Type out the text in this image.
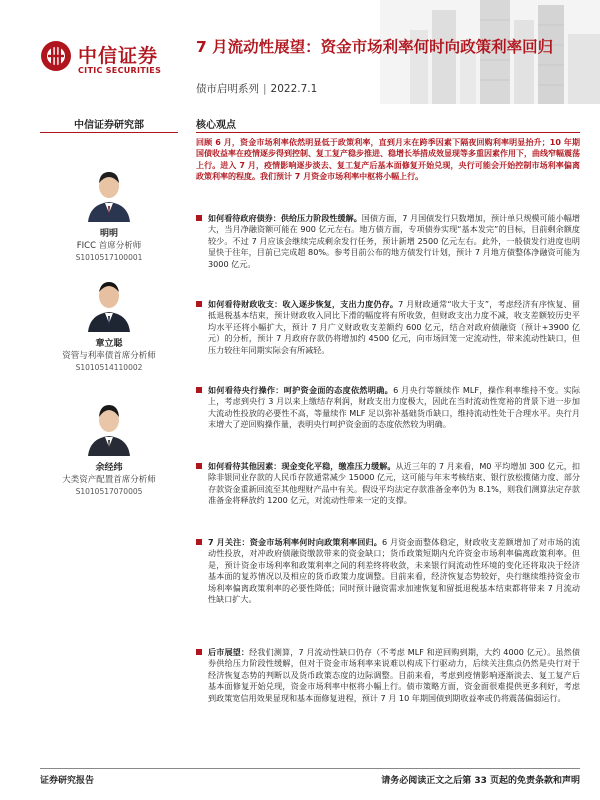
中信证券
CITIC SECURITIES
7 月流动性展望：资金市场利率何时向政策利率回归
债市启明系列 | 2022.7.1
中信证券研究部
明明
FICC 首席分析师
S1010517100001
章立聪
资管与利率债首席分析师
S1010514110002
余经纬
大类资产配置首席分析师
S1010517070005
核心观点
回顾 6 月，资金市场利率依然明显低于政策利率，直到月末在跨季因素下隔夜回购利率明显抬升；10 年期国债收益率在疫情逐步得到控制、复工复产稳步推进、稳增长举措成效显现等多重因素作用下，曲线窄幅震荡上行。进入 7 月，疫情影响逐步淡去、复工复产后基本面修复开始兑现，央行可能会开始控制市场利率偏离政策利率的程度。我们预计 7 月资金市场利率中枢将小幅上行。
如何看待政府债券：供给压力阶段性缓解。国债方面，7 月国债发行只数增加，预计单只规模可能小幅增大，当月净融资额可能在 900 亿元左右。地方债方面，专项债券实现“基本发完”的目标，目前剩余额度较少。不过 7 月应该会继续完成剩余发行任务，预计新增 2500 亿元左右。此外，一般债发行进度也明显快于往年，目前已完成超 80%。参考目前公布的地方债发行计划，预计 7 月地方债整体净融资可能为 3000 亿元。
如何看待财政收支：收入逐步恢复，支出力度仍存。7 月财政通常“收大于支”，考虑经济有序恢复、留抵退税基本结束，预计财政收入同比下滑的幅度将有所收敛，但财政支出力度不减，收支差额较历史平均水平还将小幅扩大，预计 7 月广义财政收支差额约 600 亿元，结合对政府债融资（预计+3900 亿元）的分析，预计 7 月政府存款仍将增加约 4500 亿元，向市场回笼一定流动性，带来流动性缺口，但压力较往年同期实际会有所减轻。
如何看待央行操作：呵护资金面的态度依然明确。6 月央行等额续作 MLF，操作利率维持不变。实际上，考虑到央行 3 月以来上缴结存利润，财政支出力度极大，因此在当时流动性宽裕的背景下进一步加大流动性投放的必要性不高，等量续作 MLF 足以弥补基础货币缺口，维持流动性处于合理水平。央行月末增大了逆回购操作量，表明央行呵护资金面的态度依然较为明确。
如何看待其他因素：现金变化平稳，缴准压力缓解。从近三年的 7 月来看，M0 平均增加 300 亿元，扣除非银同业存款的人民币存款通常减少 15000 亿元，这可能与年末考核结束、银行放松揽储力度、部分存款资金重新回流至其他理财产品中有关。假设平均法定存款准备金率仍为 8.1%，则我们测算法定存款准备金将释放约 1200 亿元，对流动性带来一定的支撑。
7 月关注：资金市场利率何时向政策利率回归。6 月资金面整体稳定，财政收支差额增加了对市场的流动性投放，对冲政府债融资缴款带来的资金缺口；货币政策短期内允许资金市场利率偏离政策利率。但是，预计资金市场利率和政策利率之间的利差终将收敛，未来银行间流动性环境的变化还将取决于经济基本面的复苏情况以及相应的货币政策力度调整。目前来看，经济恢复态势较好，央行继续维持资金市场利率偏离政策利率的必要性降低；同时预计融资需求加速恢复和留抵退税基本结束都将带来 7 月流动性缺口扩大。
后市展望：经我们测算，7 月流动性缺口仍存（不考虑 MLF 和逆回购到期，大约 4000 亿元）。虽然债券供给压力阶段性缓解，但对于资金市场利率来说难以构成下行驱动力，后续关注焦点仍然是央行对于经济恢复态势的判断以及货币政策态度的边际调整。目前来看，考虑到疫情影响逐渐淡去、复工复产后基本面修复开始兑现，资金市场利率中枢将小幅上行。债市策略方面，资金面很难提供更多利好，考虑到政策宽信用效果显现和基本面修复进程，预计 7 月 10 年期国债到期收益率或仍将震荡偏弱运行。
证券研究报告	请务必阅读正文之后第 33 页起的免责条款和声明
